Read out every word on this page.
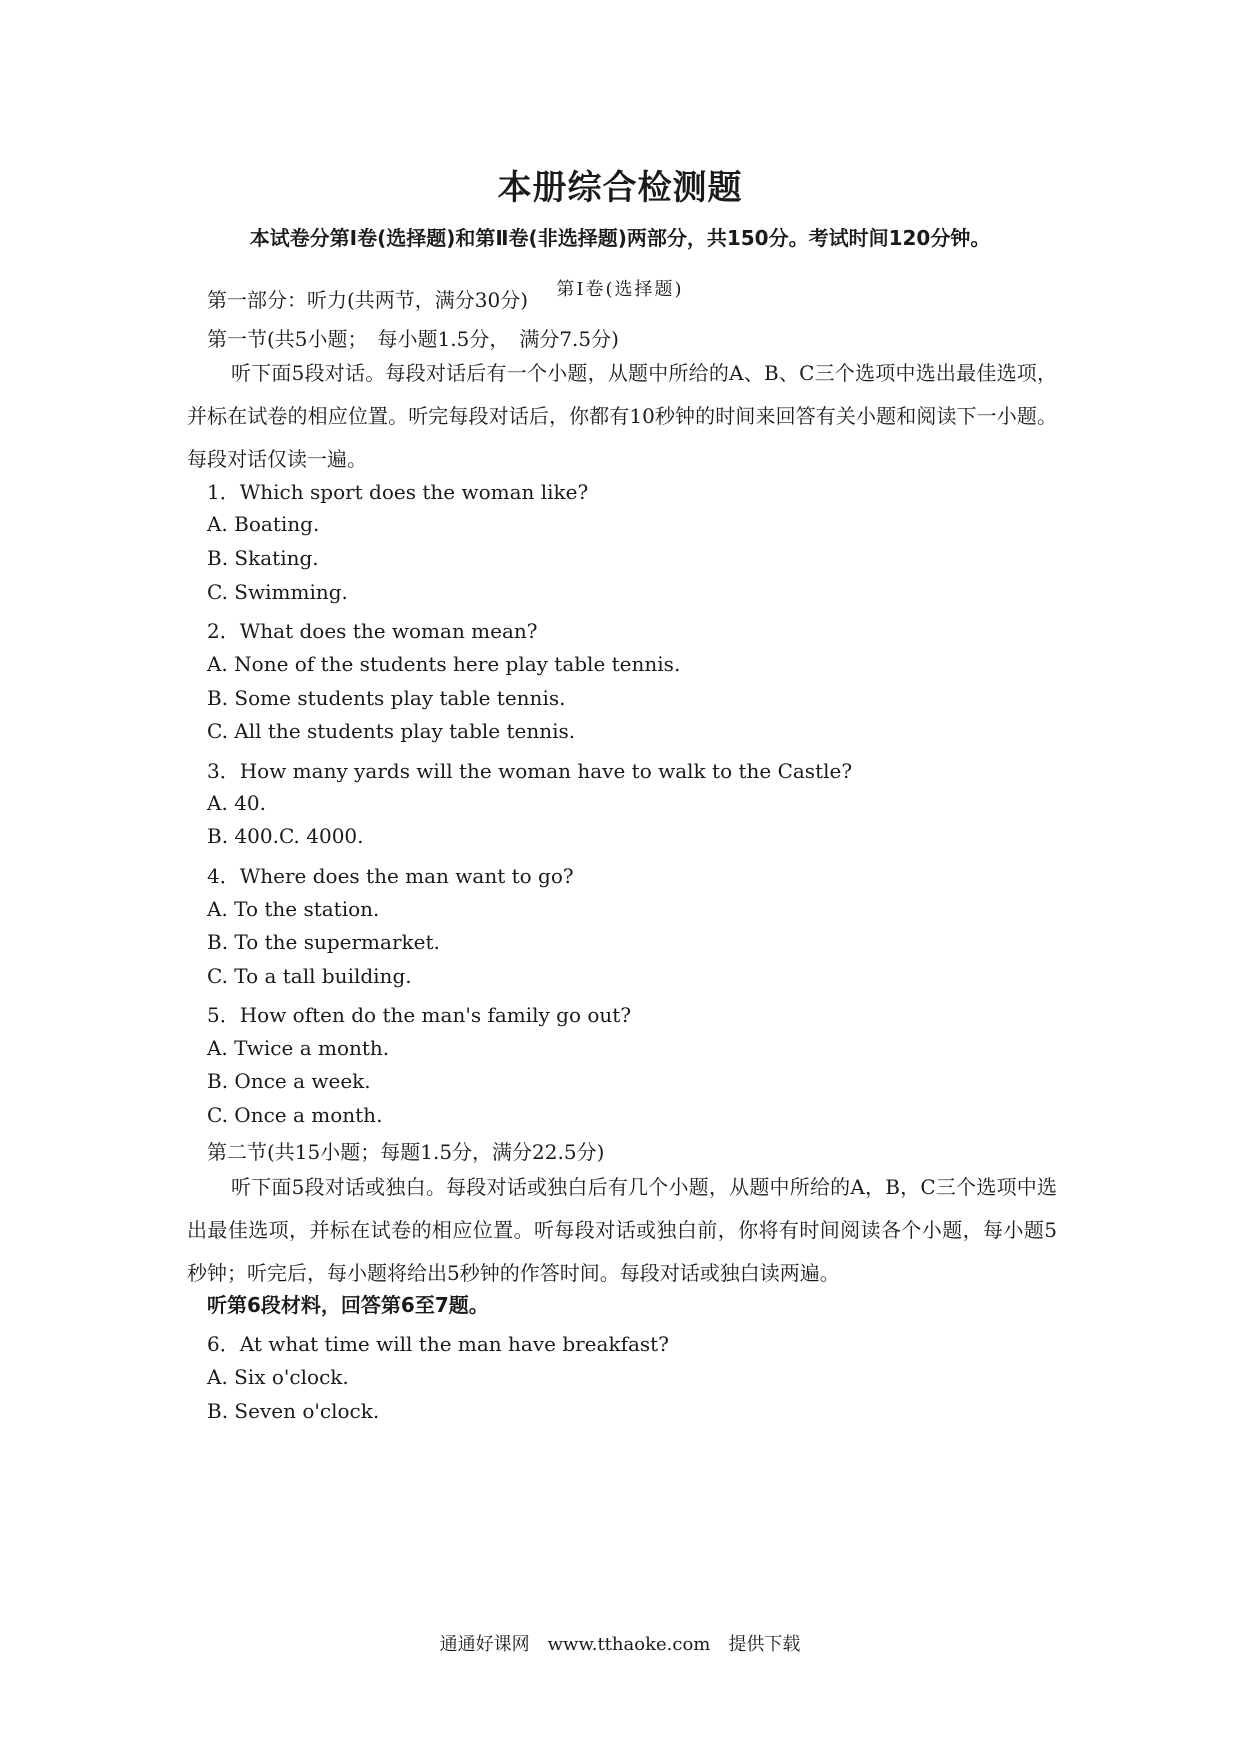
本册综合检测题
本试卷分第Ⅰ卷(选择题)和第Ⅱ卷(非选择题)两部分，共150分。考试时间120分钟。
第Ⅰ卷(选择题)
第一部分：听力(共两节，满分30分)
第一节(共5小题；　每小题1.5分，　满分7.5分)
听下面5段对话。每段对话后有一个小题，从题中所给的A、B、C三个选项中选出最佳选项，并标在试卷的相应位置。听完每段对话后，你都有10秒钟的时间来回答有关小题和阅读下一小题。每段对话仅读一遍。
1．Which sport does the woman like?
A. Boating.
B. Skating.
C. Swimming.
2．What does the woman mean?
A. None of the students here play table tennis.
B. Some students play table tennis.
C. All the students play table tennis.
3．How many yards will the woman have to walk to the Castle?
A. 40.
B. 400.C. 4000.
4．Where does the man want to go?
A. To the station.
B. To the supermarket.
C. To a tall building.
5．How often do the man's family go out?
A. Twice a month.
B. Once a week.
C. Once a month.
第二节(共15小题；每题1.5分，满分22.5分)
听下面5段对话或独白。每段对话或独白后有几个小题，从题中所给的A，B，C三个选项中选出最佳选项，并标在试卷的相应位置。听每段对话或独白前，你将有时间阅读各个小题，每小题5秒钟；听完后，每小题将给出5秒钟的作答时间。每段对话或独白读两遍。
听第6段材料，回答第6至7题。
6．At what time will the man have breakfast?
A. Six o'clock.
B. Seven o'clock.
通通好课网　www.tthaoke.com　提供下载
